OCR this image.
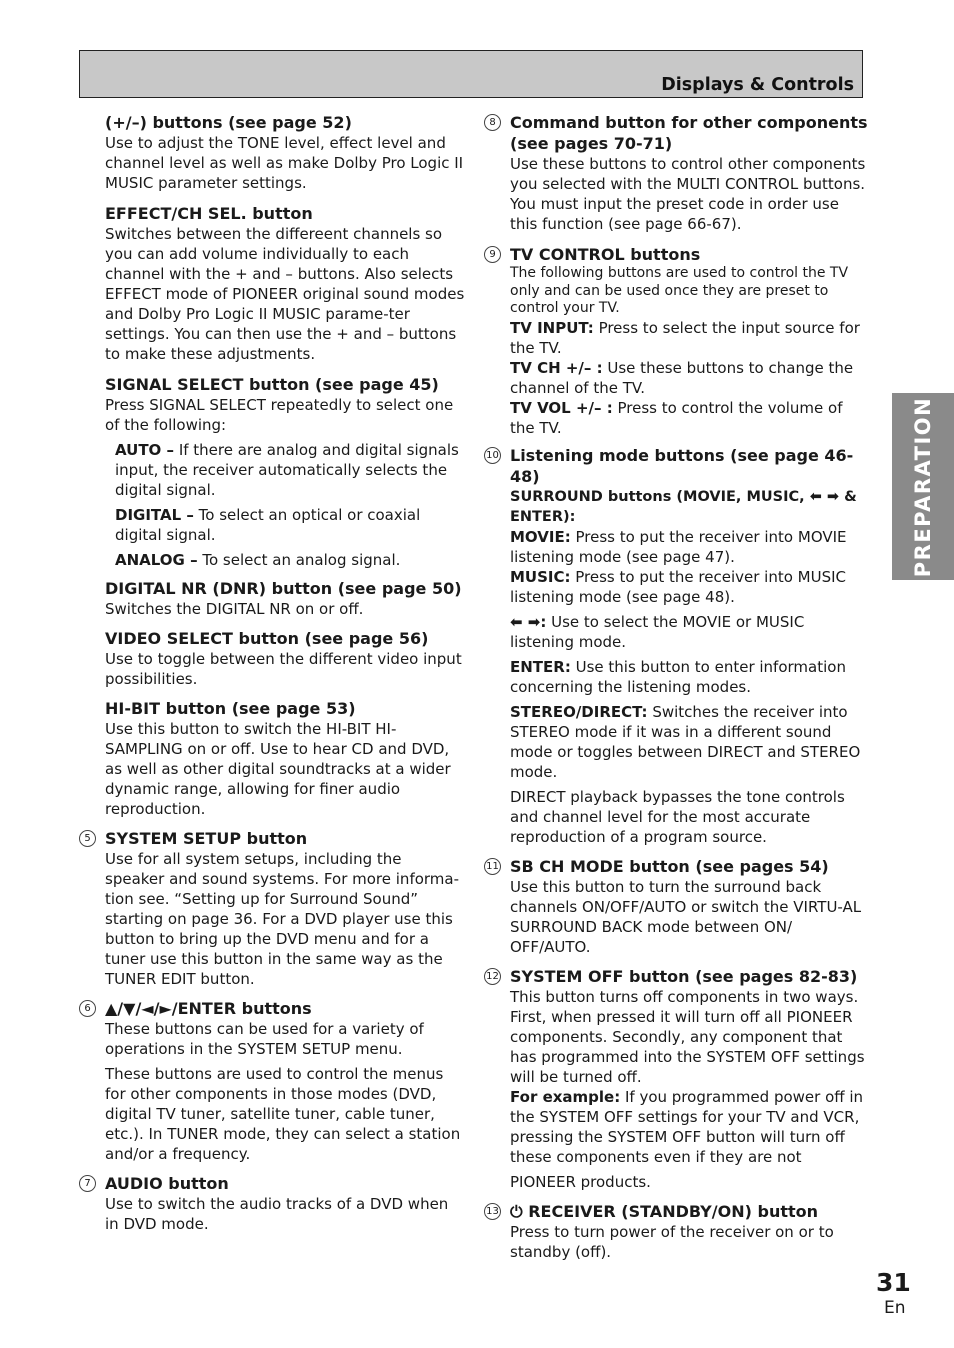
Displays & Controls
PREPARATION
(+/–) buttons (see page 52)

Use to adjust the TONE level, effect level and channel level as well as make Dolby Pro Logic II MUSIC parameter settings.

EFFECT/CH SEL. button

Switches between the differeent channels so you can add volume individually to each channel with the + and – buttons. Also selects EFFECT mode of PIONEER original sound modes and Dolby Pro Logic II MUSIC parame-ter settings. You can then use the + and – buttons to make these adjustments.

SIGNAL SELECT button (see page 45)

Press SIGNAL SELECT repeatedly to select one of the following:

AUTO – If there are analog and digital signals input, the receiver automatically selects the digital signal.

DIGITAL – To select an optical or coaxial digital signal.

ANALOG – To select an analog signal.

DIGITAL NR (DNR) button (see page 50)

Switches the DIGITAL NR on or off.

VIDEO SELECT button (see page 56)

Use to toggle between the different video input possibilities.

HI-BIT button (see page 53)

Use this button to switch the HI-BIT HI-SAMPLING on or off. Use to hear CD and DVD, as well as other digital soundtracks at a wider dynamic range, allowing for finer audio reproduction.

5 SYSTEM SETUP button

Use for all system setups, including the speaker and sound systems. For more informa-tion see. “Setting up for Surround Sound” starting on page 36. For a DVD player use this button to bring up the DVD menu and for a tuner use this button in the same way as the TUNER EDIT button.

6 ▲/▼/◄/►/ENTER buttons

These buttons can be used for a variety of operations in the SYSTEM SETUP menu.

These buttons are used to control the menus for other components in those modes (DVD, digital TV tuner, satellite tuner, cable tuner, etc.). In TUNER mode, they can select a station and/or a frequency.

7 AUDIO button

Use to switch the audio tracks of a DVD when in DVD mode.

8 Command button for other components (see pages 70-71)

Use these buttons to control other components you selected with the MULTI CONTROL buttons. You must input the preset code in order use this function (see page 66-67).

9 TV CONTROL buttons

The following buttons are used to control the TV only and can be used once they are preset to control your TV.

TV INPUT: Press to select the input source for the TV.

TV CH +/– : Use these buttons to change the channel of the TV.

TV VOL +/– : Press to control the volume of the TV.

10 Listening mode buttons (see page 46-48)

SURROUND buttons (MOVIE, MUSIC, ⬅ ➡ & ENTER):

MOVIE: Press to put the receiver into MOVIE listening mode (see page 47).

MUSIC: Press to put the receiver into MUSIC listening mode (see page 48).

⬅ ➡: Use to select the MOVIE or MUSIC listening mode.

ENTER: Use this button to enter information concerning the listening modes.

STEREO/DIRECT: Switches the receiver into STEREO mode if it was in a different sound mode or toggles between DIRECT and STEREO mode.

DIRECT playback bypasses the tone controls and channel level for the most accurate reproduction of a program source.

11 SB CH MODE button (see pages 54)

Use this button to turn the surround back channels ON/OFF/AUTO or switch the VIRTU-AL SURROUND BACK mode between ON/ OFF/AUTO.

12 SYSTEM OFF button (see pages 82-83)

This button turns off components in two ways. First, when pressed it will turn off all PIONEER components. Secondly, any component that has programmed into the SYSTEM OFF settings will be turned off.

For example: If you programmed power off in the SYSTEM OFF settings for your TV and VCR, pressing the SYSTEM OFF button will turn off these components even if they are not

PIONEER products.

13 ⏻ RECEIVER (STANDBY/ON) button

Press to turn power of the receiver on or to standby (off).

31
En
